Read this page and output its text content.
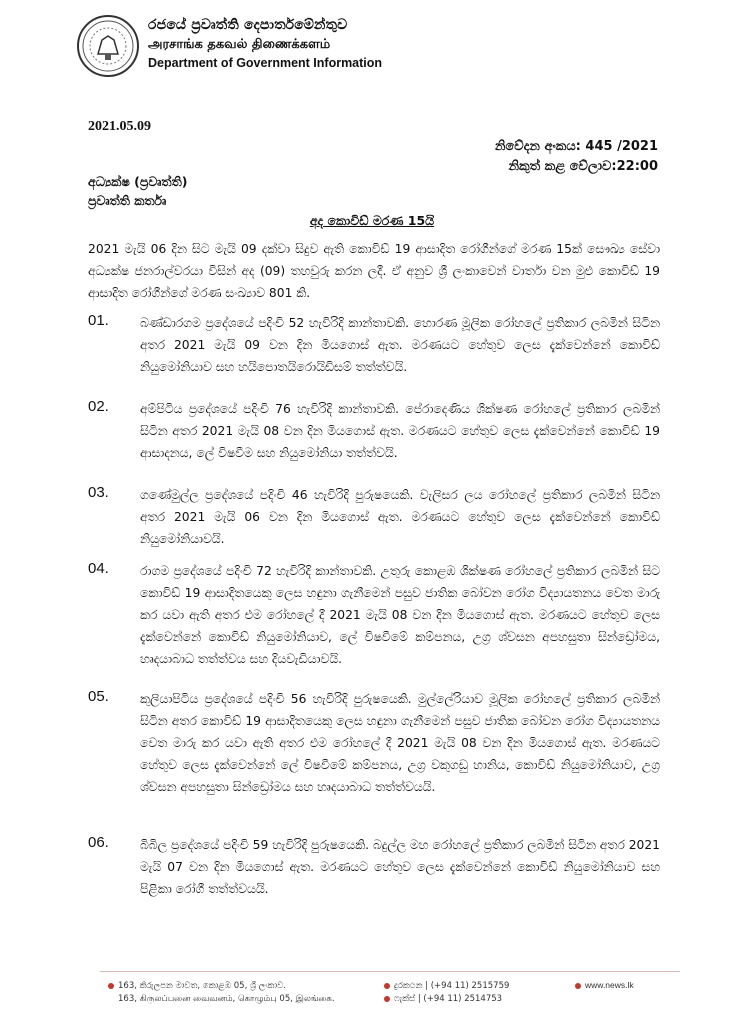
රජයේ ප්‍රවෘත්ති දෙපාර්තමේන්තුව
அரசாங்க தகவல் திணைக்களம்
Department of Government Information
2021.05.09
නිවේදන අංකය: 445 /2021
නිකුත් කළ වේලාව:22:00
අධ්‍යක්ෂ (ප්‍රවෘත්ති)
ප්‍රවෘත්ති කර්තෘ
අද කොවිඩ් මරණ 15යි
2021 මැයි 06 දින සිට මැයි 09 දක්වා සිදුව ඇති කොවිඩ් 19 ආසාදිත රෝගීන්ගේ මරණ 15ක් සෞඛ්‍ය සේවා අධ්‍යක්ෂ ජනරාල්වරයා විසින් අද (09) තහවුරු කරන ලදී. ඒ අනුව ශ්‍රී ලංකාවෙන් වාර්තා වන මුළු කොවිඩ් 19 ආසාදිත රෝගීන්ගේ මරණ සංඛ්‍යාව 801 කි.
01.	බණ්ඩාරගම ප්‍රදේශයේ පදිංචි 52 හැවිරිදි කාන්තාවකි. හොරණ මූලික රෝහලේ ප්‍රතිකාර ලබමින් සිටින අතර 2021 මැයි 09 වන දින මියගොස් ඇත. මරණයට හේතුව ලෙස දැක්වෙන්නේ කොවිඩ් නියුමෝනියාව සහ හයිපොතයිරොයිඩිසම් තත්ත්වයි.
02.	අම්පිටිය ප්‍රදේශයේ පදිංචි 76 හැවිරිදි කාන්තාවකි. පේරාදෙණිය ශික්ෂණ රෝහලේ ප්‍රතිකාර ලබමින් සිටින අතර 2021 මැයි 08 වන දින මියගොස් ඇත. මරණයට හේතුව ලෙස දැක්වෙන්නේ කොවිඩ් 19 ආසාදනය, ලේ විෂවීම සහ නියුමෝනියා තත්ත්වයි.
03.	ගණේමුල්ල ප්‍රදේශයේ පදිංචි 46 හැවිරිදි පුරුෂයෙකි. වැලිසර ලය රෝහලේ ප්‍රතිකාර ලබමින් සිටින අතර 2021 මැයි 06 වන දින මියගොස් ඇත. මරණයට හේතුව ලෙස දැක්වෙන්නේ කොවිඩ් නියුමෝනියාවයි.
04.	රාගම ප්‍රදේශයේ පදිංචි 72 හැවිරිදි කාන්තාවකි. උතුරු කොළඹ ශික්ෂණ රෝහලේ ප්‍රතිකාර ලබමින් සිට කොවිඩ් 19 ආසාදිතයෙකු ලෙස හඳුනා ගැනීමෙන් පසුව ජාතික බෝවන රෝග විද්‍යායතනය වෙත මාරු කර යවා ඇති අතර එම රෝහලේ දී 2021 මැයි 08 වන දින මියගොස් ඇත. මරණයට හේතුව ලෙස දැක්වෙන්නේ කොවිඩ් නියුමෝනියාව, ලේ විෂවීමේ කම්පනය, උග්‍ර ශ්වසන අපහසුතා සින්ඩ්‍රෝමය, හෘදයාබාධ තත්ත්වය සහ දියවැඩියාවයි.
05.	කුලියාපිටිය ප්‍රදේශයේ පදිංචි 56 හැවිරිදි පුරුෂයෙකි. මුල්ලේරියාව මූලික රෝහලේ ප්‍රතිකාර ලබමින් සිටින අතර කොවිඩ් 19 ආසාදිතයෙකු ලෙස හඳුනා ගැනීමෙන් පසුව ජාතික බෝවන රෝග විද්‍යායතනය වෙත මාරු කර යවා ඇති අතර එම රෝහලේ දී 2021 මැයි 08 වන දින මියගොස් ඇත. මරණයට හේතුව ලෙස දැක්වෙන්නේ ලේ විෂවීමේ කම්පනය, උග්‍ර වකුගඩු හානිය, කොවිඩ් නියුමෝනියාව, උග්‍ර ශ්වසන අපහසුතා සින්ඩ්‍රෝමය සහ හෘදයාබාධ තත්ත්වයයි.
06.	බිබිල ප්‍රදේශයේ පදිංචි 59 හැවිරිදි පුරුෂයෙකි. බදුල්ල මහ රෝහලේ ප්‍රතිකාර ලබමින් සිටින අතර 2021 මැයි 07 වන දින මියගොස් ඇත. මරණයට හේතුව ලෙස දැක්වෙන්නේ කොවිඩ් නියුමෝනියාව සහ පිළිකා රෝගී තත්ත්වයයි.
163, කිරුලපන මාවත, කොළඹ 05, ශ්‍රී ලංකාව.
163, கிருலப்பனை வைவனம், கொழும்பு 05, இலங்கை.
දුරකථන | (+94 11) 2515759
ෆැක්ස් | (+94 11) 2514753
www.news.lk
